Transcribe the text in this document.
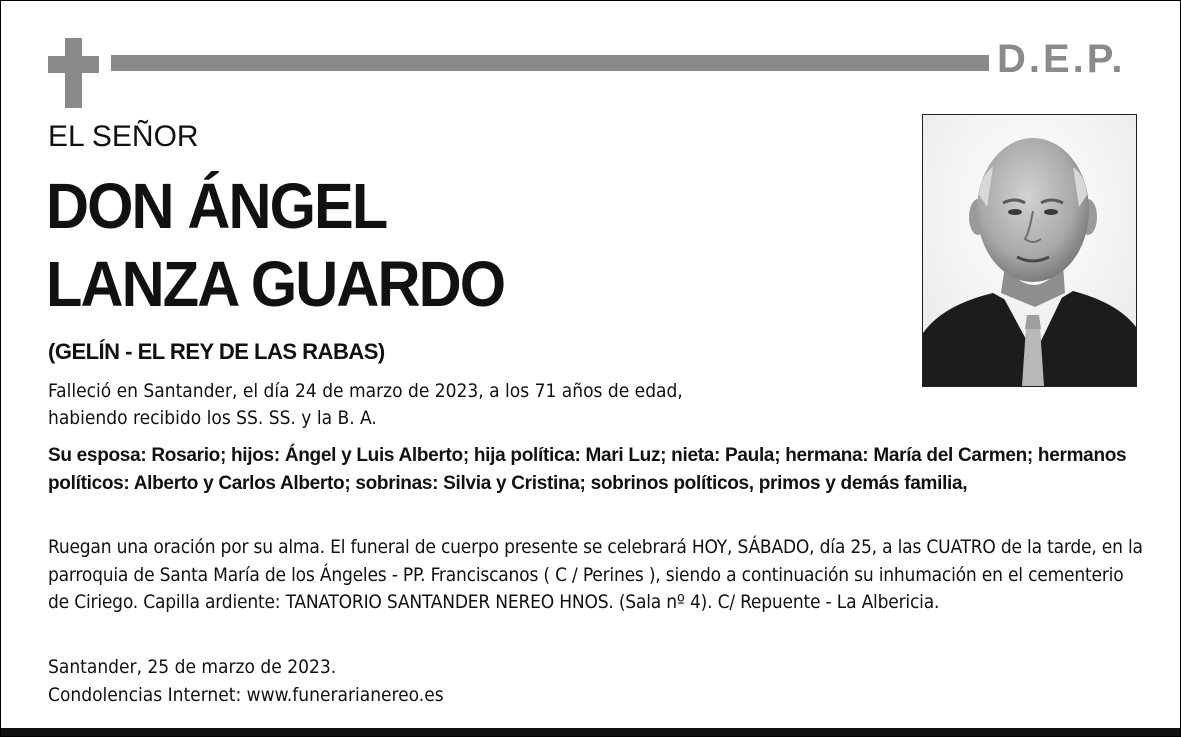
D.E.P.
EL SEÑOR
DON ÁNGEL
LANZA GUARDO
(GELÍN - EL REY DE LAS RABAS)
Falleció en Santander, el día 24 de marzo de 2023, a los 71 años de edad,
habiendo recibido los SS. SS. y la B. A.
Su esposa: Rosario; hijos: Ángel y Luis Alberto; hija política: Mari Luz; nieta: Paula; hermana: María del Carmen; hermanos políticos: Alberto y Carlos Alberto; sobrinas: Silvia y Cristina; sobrinos políticos, primos y demás familia,
Ruegan una oración por su alma. El funeral de cuerpo presente se celebrará HOY, SÁBADO, día 25, a las CUATRO de la tarde, en la parroquia de Santa María de los Ángeles - PP. Franciscanos ( C / Perines ), siendo a continuación su inhumación en el cementerio de Ciriego. Capilla ardiente: TANATORIO SANTANDER NEREO HNOS. (Sala nº 4). C/ Repuente - La Albericia.
Santander, 25 de marzo de 2023.
Condolencias Internet: www.funerarianereo.es
